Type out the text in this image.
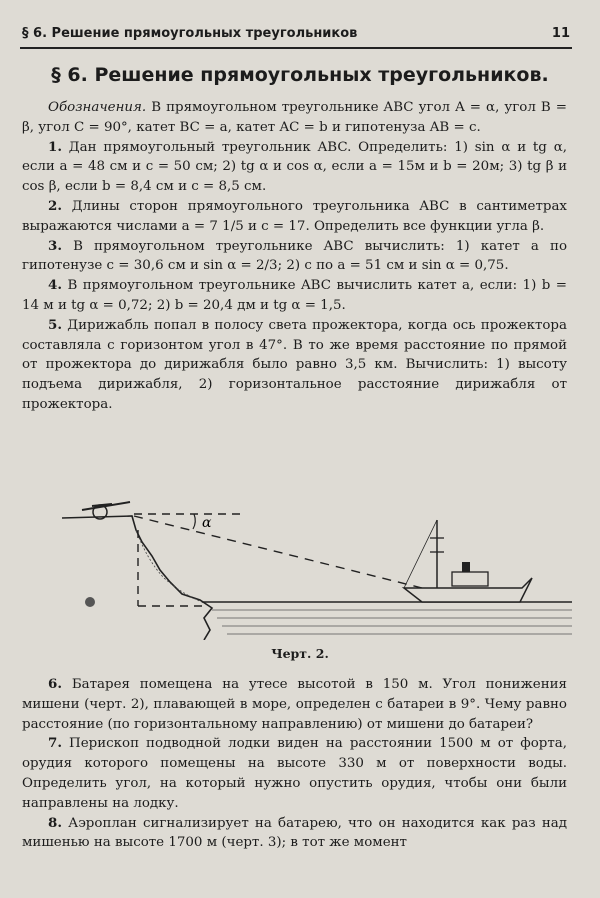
§ 6. Решение прямоугольных треугольников	11
§ 6. Решение прямоугольных треугольников.

Обозначения. В прямоугольном треугольнике ABC угол A = α, угол B = β, угол C = 90°, катет BC = a, катет AC = b и гипотенуза AB = c.

1. Дан прямоугольный треугольник ABC. Определить: 1) sin α и tg α, если a = 48 см и c = 50 см; 2) tg α и cos α, если a = 15м и b = 20м; 3) tg β и cos β, если b = 8,4 см и c = 8,5 см.

2. Длины сторон прямоугольного треугольника ABC в сантиметрах выражаются числами a = 7 1/5 и c = 17. Определить все функции угла β.

3. В прямоугольном треугольнике ABC вычислить: 1) катет a по гипотенузе c = 30,6 см и sin α = 2/3; 2) c по a = 51 см и sin α = 0,75.

4. В прямоугольном треугольнике ABC вычислить катет a, если: 1) b = 14 м и tg α = 0,72; 2) b = 20,4 дм и tg α = 1,5.

5. Дирижабль попал в полосу света прожектора, когда ось прожектора составляла с горизонтом угол в 47°. В то же время расстояние по прямой от прожектора до дирижабля было равно 3,5 км. Вычислить: 1) высоту подъема дирижабля, 2) горизонтальное расстояние дирижабля от прожектора.

α
Черт. 2.

6. Батарея помещена на утесе высотой в 150 м. Угол понижения мишени (черт. 2), плавающей в море, определен с батареи в 9°. Чему равно расстояние (по горизонтальному направлению) от мишени до батареи?

7. Перископ подводной лодки виден на расстоянии 1500 м от форта, орудия которого помещены на высоте 330 м от поверхности воды. Определить угол, на который нужно опустить орудия, чтобы они были направлены на лодку.

8. Аэроплан сигнализирует на батарею, что он находится как раз над мишенью на высоте 1700 м (черт. 3); в тот же момент
